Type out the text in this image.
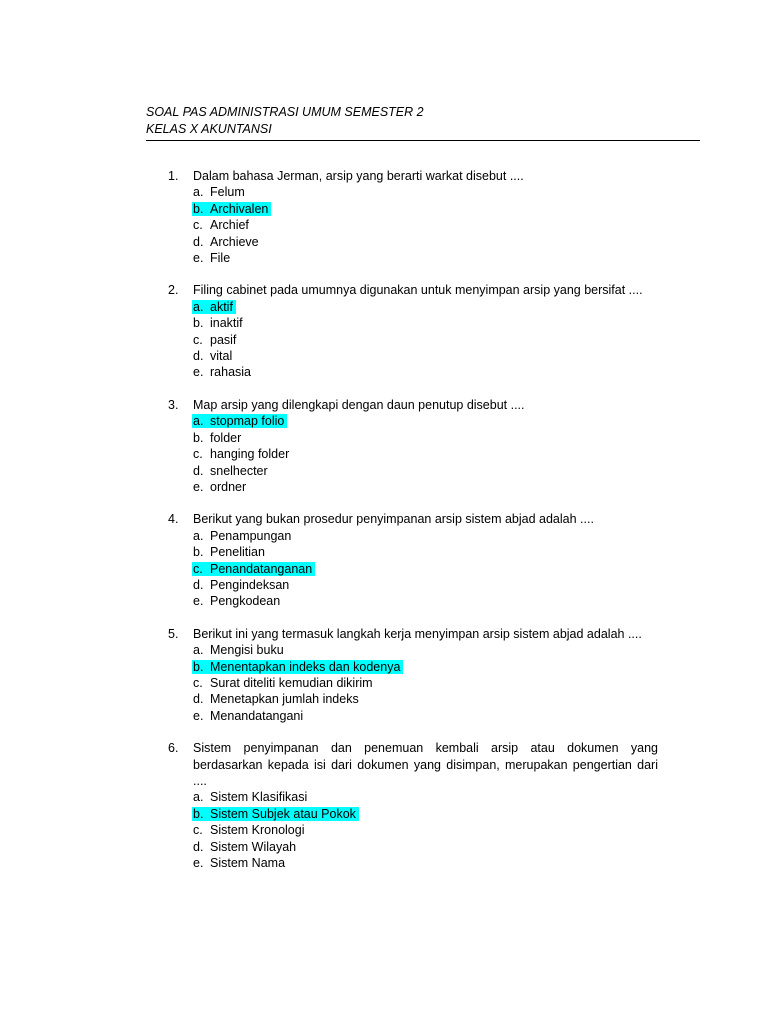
SOAL PAS ADMINISTRASI UMUM SEMESTER 2
KELAS X AKUNTANSI
1. Dalam bahasa Jerman, arsip yang berarti warkat disebut ....
a. Felum
b. Archivalen
c. Archief
d. Archieve
e. File
2. Filing cabinet pada umumnya digunakan untuk menyimpan arsip yang bersifat ....
a. aktif
b. inaktif
c. pasif
d. vital
e. rahasia
3. Map arsip yang dilengkapi dengan daun penutup disebut ....
a. stopmap folio
b. folder
c. hanging folder
d. snelhecter
e. ordner
4. Berikut yang bukan prosedur penyimpanan arsip sistem abjad adalah ....
a. Penampungan
b. Penelitian
c. Penandatanganan
d. Pengindeksan
e. Pengkodean
5. Berikut ini yang termasuk langkah kerja menyimpan arsip sistem abjad adalah ....
a. Mengisi buku
b. Menentapkan indeks dan kodenya
c. Surat diteliti kemudian dikirim
d. Menetapkan jumlah indeks
e. Menandatangani
6. Sistem penyimpanan dan penemuan kembali arsip atau dokumen yang berdasarkan kepada isi dari dokumen yang disimpan, merupakan pengertian dari ....
a. Sistem Klasifikasi
b. Sistem Subjek atau Pokok
c. Sistem Kronologi
d. Sistem Wilayah
e. Sistem Nama
